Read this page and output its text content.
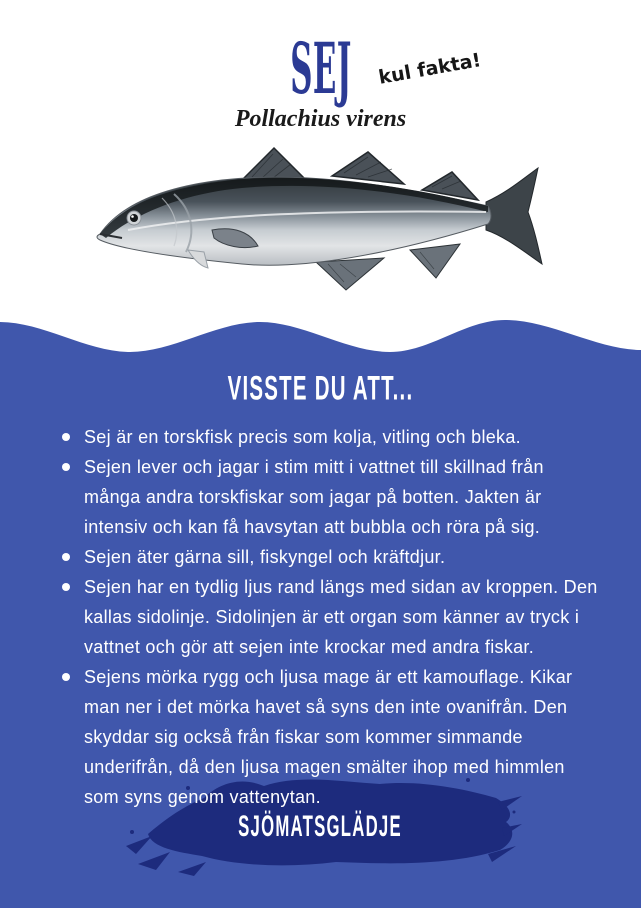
SEJ kul fakta!
Pollachius virens
VISSTE DU ATT...
Sej är en torskfisk precis som kolja, vitling och bleka.
Sejen lever och jagar i stim mitt i vattnet till skillnad från många andra torskfiskar som jagar på botten. Jakten är intensiv och kan få havsytan att bubbla och röra på sig.
Sejen äter gärna sill, fiskyngel och kräftdjur.
Sejen har en tydlig ljus rand längs med sidan av kroppen. Den kallas sidolinje. Sidolinjen är ett organ som känner av tryck i vattnet och gör att sejen inte krockar med andra fiskar.
Sejens mörka rygg och ljusa mage är ett kamouflage. Kikar man ner i det mörka havet så syns den inte ovanifrån. Den skyddar sig också från fiskar som kommer simmande underifrån, då den ljusa magen smälter ihop med himmlen som syns genom vattenytan.
SJÖMATSGLÄDJE
